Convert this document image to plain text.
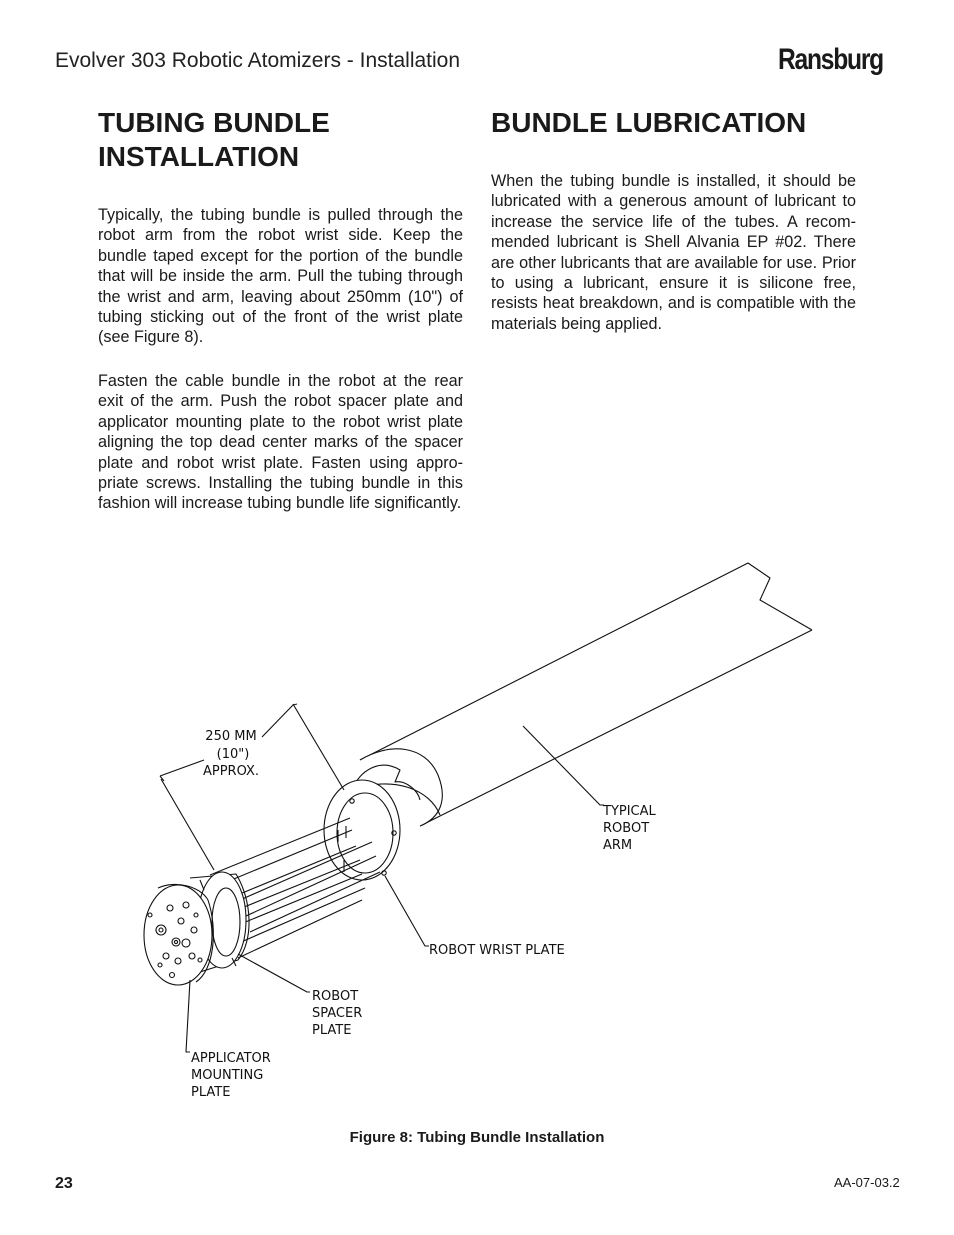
Evolver 303 Robotic Atomizers - Installation	Ransburg
TUBING BUNDLE
INSTALLATION
BUNDLE LUBRICATION

Typically, the tubing bundle is pulled through the robot arm from the robot wrist side. Keep the bundle taped except for the portion of the bundle that will be inside the arm. Pull the tubing through the wrist and arm, leaving about 250mm (10") of tubing sticking out of the front of the wrist plate (see Figure 8).

Fasten the cable bundle in the robot at the rear exit of the arm. Push the robot spacer plate and applicator mounting plate to the robot wrist plate aligning the top dead center marks of the spacer plate and robot wrist plate. Fasten using appro-priate screws. Installing the tubing bundle in this fashion will increase tubing bundle life significantly.

When the tubing bundle is installed, it should be lubricated with a generous amount of lubricant to increase the service life of the tubes. A recom-mended lubricant is Shell Alvania EP #02. There are other lubricants that are available for use. Prior to using a lubricant, ensure it is silicone free, resists heat breakdown, and is compatible with the materials being applied.

250 MM
(10")
APPROX.
TYPICAL
ROBOT
ARM
ROBOT WRIST PLATE
ROBOT
SPACER
PLATE
APPLICATOR
MOUNTING
PLATE
Figure 8: Tubing Bundle Installation
23	AA-07-03.2
